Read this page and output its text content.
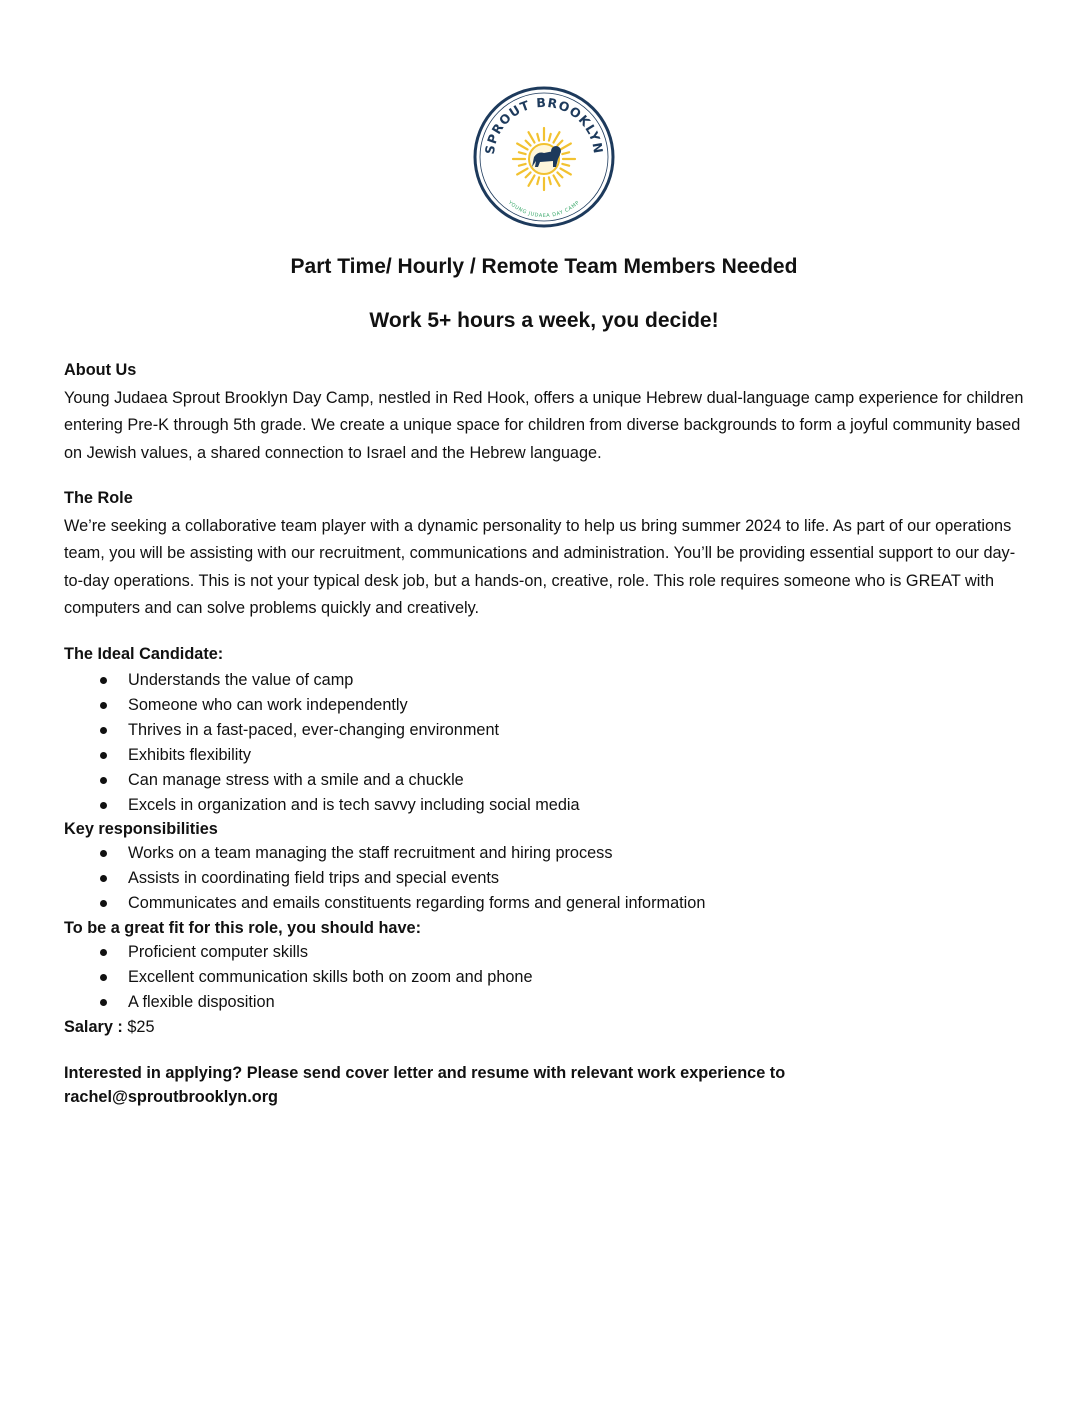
SPROUT BROOKLYN
YOUNG JUDAEA DAY CAMP
Part Time/ Hourly / Remote Team Members Needed
Work 5+ hours a week, you decide!

About Us

Young Judaea Sprout Brooklyn Day Camp, nestled in Red Hook, offers a unique Hebrew dual-language camp experience for children entering Pre-K through 5th grade. We create a unique space for children from diverse backgrounds to form a joyful community based on Jewish values, a shared connection to Israel and the Hebrew language.

The Role

We’re seeking a collaborative team player with a dynamic personality to help us bring summer 2024 to life. As part of our operations team, you will be assisting with our recruitment, communications and administration. You’ll be providing essential support to our day-to-day operations. This is not your typical desk job, but a hands-on, creative, role. This role requires someone who is GREAT with computers and can solve problems quickly and creatively.

The Ideal Candidate:

Understands the value of camp
Someone who can work independently
Thrives in a fast-paced, ever-changing environment
Exhibits flexibility
Can manage stress with a smile and a chuckle
Excels in organization and is tech savvy including social media

Key responsibilities

Works on a team managing the staff recruitment and hiring process
Assists in coordinating field trips and special events
Communicates and emails constituents regarding forms and general information

To be a great fit for this role, you should have:

Proficient computer skills
Excellent communication skills both on zoom and phone
A flexible disposition

Salary : $25

Interested in applying? Please send cover letter and resume with relevant work experience to

rachel@sproutbrooklyn.org
